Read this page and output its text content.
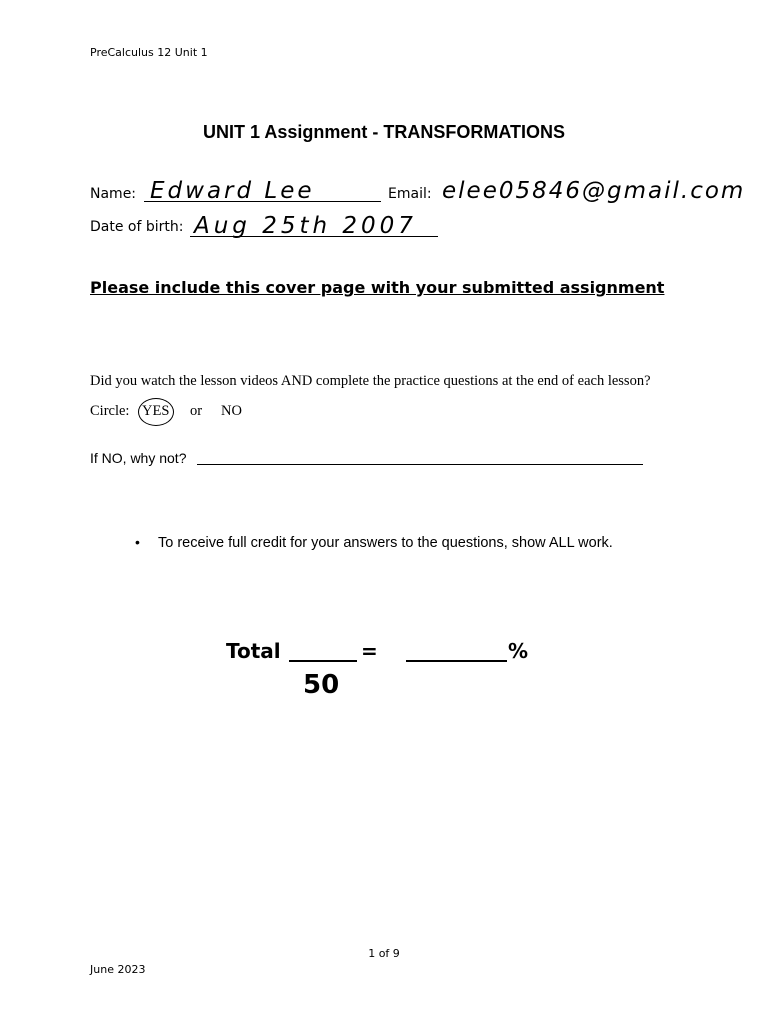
PreCalculus 12 Unit 1
UNIT 1 Assignment - TRANSFORMATIONS
Name: Edward Lee	Email: elee05846@gmail.com
Date of birth: Aug 25th 2007
Please include this cover page with your submitted assignment
Did you watch the lesson videos AND complete the practice questions at the end of each lesson?
Circle: YES or NO
If NO, why not?
• To receive full credit for your answers to the questions, show ALL work.
Total	=	%
50
1 of 9
June 2023
